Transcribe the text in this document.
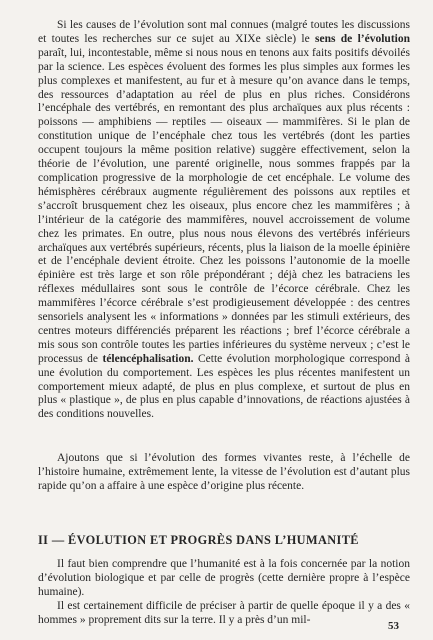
Si les causes de l’évolution sont mal connues (malgré toutes les discussions et toutes les recherches sur ce sujet au XIXe siècle) le sens de l’évolution paraît, lui, incontestable, même si nous nous en tenons aux faits positifs dévoilés par la science. Les espèces évoluent des formes les plus simples aux formes les plus complexes et manifestent, au fur et à mesure qu’on avance dans le temps, des ressources d’adaptation au réel de plus en plus riches. Considérons l’encéphale des vertébrés, en remontant des plus archaïques aux plus récents : poissons — amphibiens — reptiles — oiseaux — mammifères. Si le plan de constitution unique de l’encéphale chez tous les vertébrés (dont les parties occupent toujours la même position relative) suggère effectivement, selon la théorie de l’évolution, une parenté originelle, nous sommes frappés par la complication progressive de la morphologie de cet encéphale. Le volume des hémisphères cérébraux augmente régulièrement des poissons aux reptiles et s’accroît brusquement chez les oiseaux, plus encore chez les mammifères ; à l’intérieur de la catégorie des mammifères, nouvel accroissement de volume chez les primates. En outre, plus nous nous élevons des vertébrés inférieurs archaïques aux vertébrés supérieurs, récents, plus la liaison de la moelle épinière et de l’encéphale devient étroite. Chez les poissons l’autonomie de la moelle épinière est très large et son rôle prépondérant ; déjà chez les batraciens les réflexes médullaires sont sous le contrôle de l’écorce cérébrale. Chez les mammifères l’écorce cérébrale s’est prodigieusement développée : des centres sensoriels analysent les « informations » données par les stimuli extérieurs, des centres moteurs différenciés préparent les réactions ; bref l’écorce cérébrale a mis sous son contrôle toutes les parties inférieures du système nerveux ; c’est le processus de télencéphalisation. Cette évolution morphologique correspond à une évolution du comportement. Les espèces les plus récentes manifestent un comportement mieux adapté, de plus en plus complexe, et surtout de plus en plus « plastique », de plus en plus capable d’innovations, de réactions ajustées à des conditions nouvelles.

Ajoutons que si l’évolution des formes vivantes reste, à l’échelle de l’histoire humaine, extrêmement lente, la vitesse de l’évolution est d’autant plus rapide qu’on a affaire à une espèce d’origine plus récente.

II — ÉVOLUTION ET PROGRÈS DANS L’HUMANITÉ

Il faut bien comprendre que l’humanité est à la fois concernée par la notion d’évolution biologique et par celle de progrès (cette dernière propre à l’espèce humaine).

Il est certainement difficile de préciser à partir de quelle époque il y a des « hommes » proprement dits sur la terre. Il y a près d’un mil-

53
